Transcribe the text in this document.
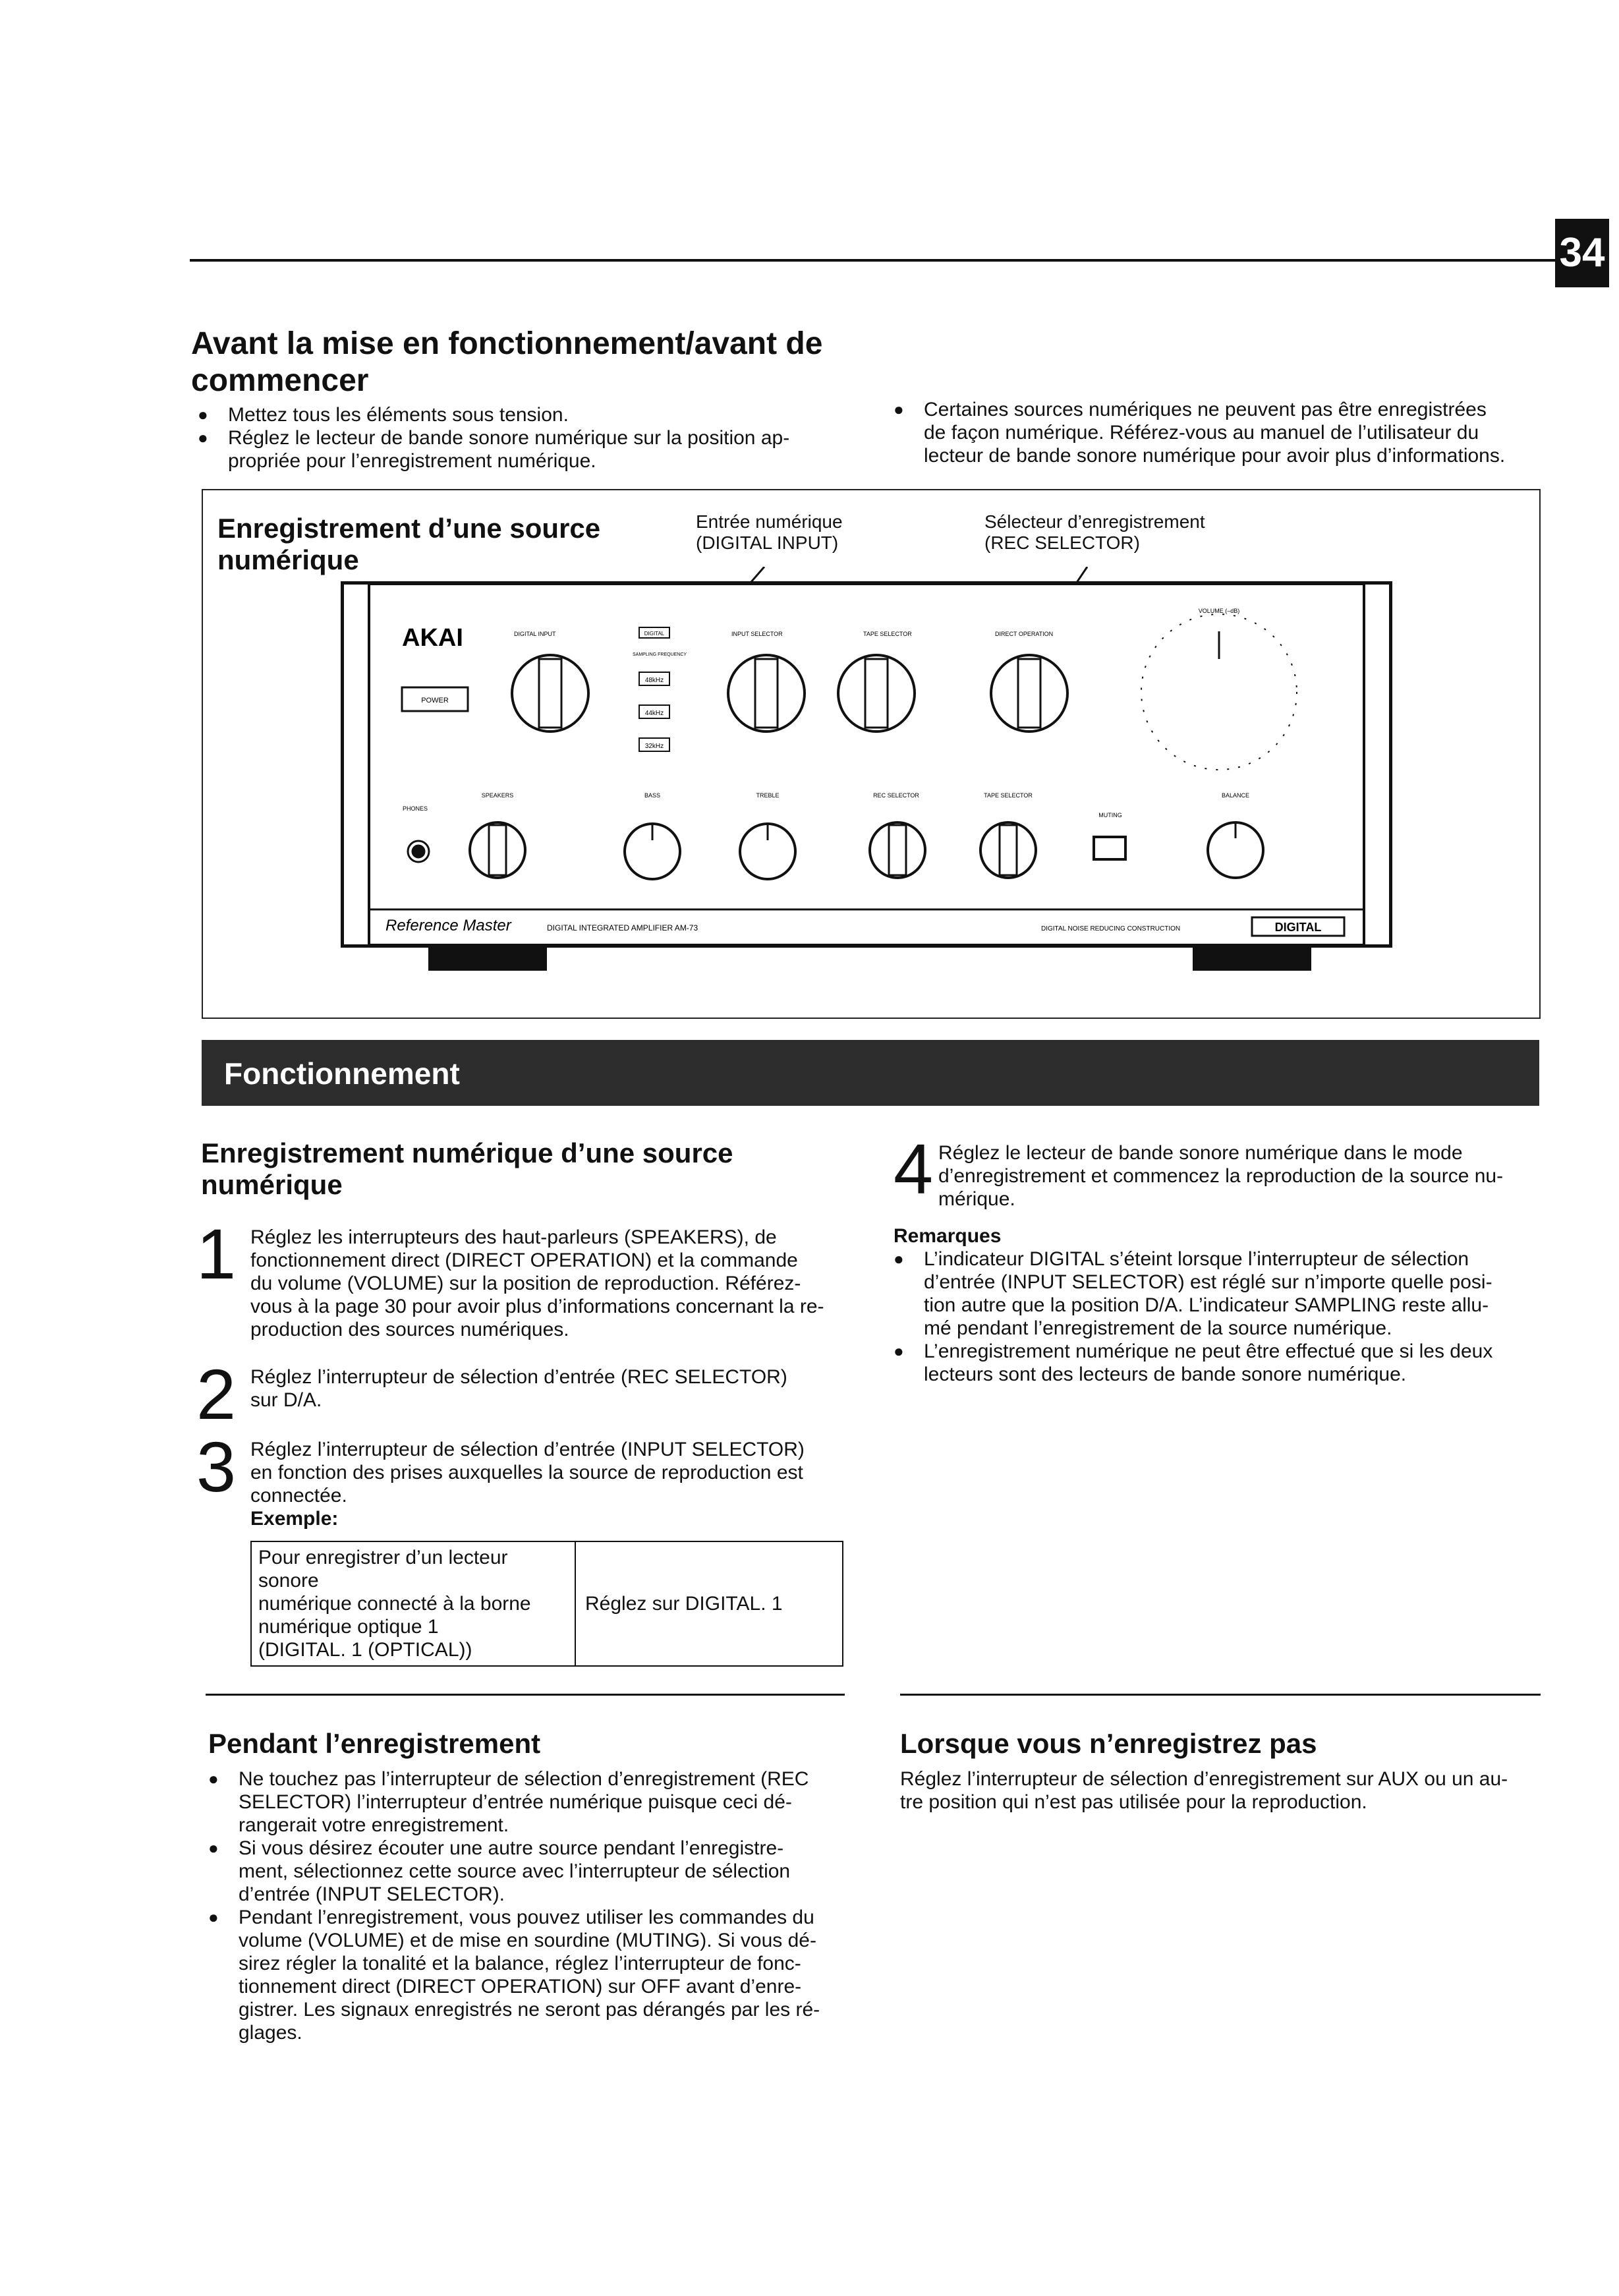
34
Avant la mise en fonctionnement/avant de
commencer
● Mettez tous les éléments sous tension.
● Réglez le lecteur de bande sonore numérique sur la position ap-
propriée pour l’enregistrement numérique.
● Certaines sources numériques ne peuvent pas être enregistrées
de façon numérique. Référez-vous au manuel de l’utilisateur du
lecteur de bande sonore numérique pour avoir plus d’informations.
Enregistrement d’une source
numérique
Entrée numérique
(DIGITAL INPUT)
Sélecteur d’enregistrement
(REC SELECTOR)
AKAI
POWER
DIGITAL INPUT	DIGITAL
SAMPLING FREQUENCY
48kHz
44kHz
32kHz
INPUT SELECTOR	TAPE SELECTOR	DIRECT OPERATION
VOLUME (–dB)
SPEAKERS	BASS	TREBLE	REC SELECTOR	TAPE SELECTOR
MUTING
BALANCE
PHONES
Reference Master	DIGITAL INTEGRATED AMPLIFIER AM-73	DIGITAL NOISE REDUCING CONSTRUCTION	DIGITAL
Fonctionnement
Enregistrement numérique d’une source
numérique
1 Réglez les interrupteurs des haut-parleurs (SPEAKERS), de
fonctionnement direct (DIRECT OPERATION) et la commande
du volume (VOLUME) sur la position de reproduction. Référez-
vous à la page 30 pour avoir plus d’informations concernant la re-
production des sources numériques.
2 Réglez l’interrupteur de sélection d’entrée (REC SELECTOR)
sur D/A.
3 Réglez l’interrupteur de sélection d’entrée (INPUT SELECTOR)
en fonction des prises auxquelles la source de reproduction est
connectée.
Exemple:
Pour enregistrer d’un lecteur sonore
numérique connecté à la borne
numérique optique 1
(DIGITAL. 1 (OPTICAL))
	Réglez sur DIGITAL. 1
4 Réglez le lecteur de bande sonore numérique dans le mode
d’enregistrement et commencez la reproduction de la source nu-
mérique.
Remarques
● L’indicateur DIGITAL s’éteint lorsque l’interrupteur de sélection
d’entrée (INPUT SELECTOR) est réglé sur n’importe quelle posi-
tion autre que la position D/A. L’indicateur SAMPLING reste allu-
mé pendant l’enregistrement de la source numérique.
● L’enregistrement numérique ne peut être effectué que si les deux
lecteurs sont des lecteurs de bande sonore numérique.
Pendant l’enregistrement
● Ne touchez pas l’interrupteur de sélection d’enregistrement (REC
SELECTOR) l’interrupteur d’entrée numérique puisque ceci dé-
rangerait votre enregistrement.
● Si vous désirez écouter une autre source pendant l’enregistre-
ment, sélectionnez cette source avec l’interrupteur de sélection
d’entrée (INPUT SELECTOR).
● Pendant l’enregistrement, vous pouvez utiliser les commandes du
volume (VOLUME) et de mise en sourdine (MUTING). Si vous dé-
sirez régler la tonalité et la balance, réglez l’interrupteur de fonc-
tionnement direct (DIRECT OPERATION) sur OFF avant d’enre-
gistrer. Les signaux enregistrés ne seront pas dérangés par les ré-
glages.
Lorsque vous n’enregistrez pas
Réglez l’interrupteur de sélection d’enregistrement sur AUX ou un au-
tre position qui n’est pas utilisée pour la reproduction.
